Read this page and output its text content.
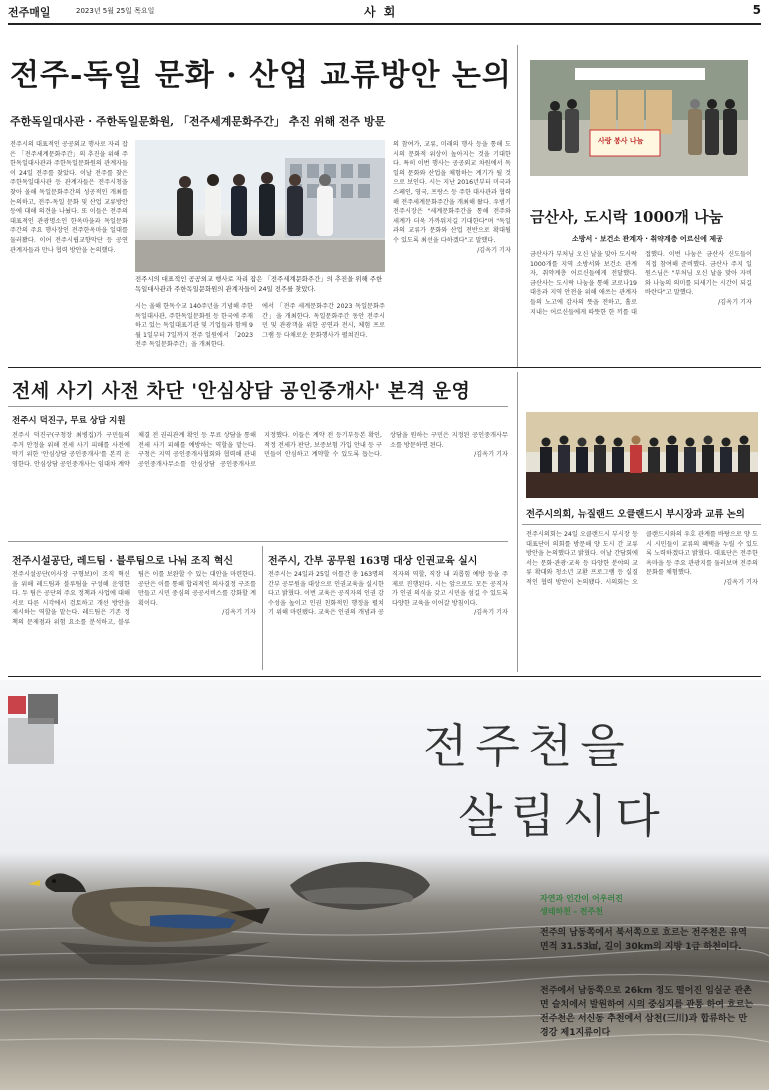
전주매일	2023년 5월 25일 목요일	사 회	5
전주-독일 문화 · 산업 교류방안 논의
주한독일대사관 · 주한독일문화원, 「전주세계문화주간」 추진 위해 전주 방문
전주시의 대표적인 공공외교 행사로 자리 잡은 「전주세계문화주간」의 추진을 위해 주한독일대사관과 주한독일문화원의 관계자들이 24일 전주를 찾았다. 이날 전주를 찾은 주한독일대사관 등 관계자들은 전주시청을 찾아 올해 독일문화주간의 성공적인 개최를 논의하고, 전주-독일 문화 및 산업 교류방안 등에 대해 의견을 나눴다. 또 이들은 전주의 대표적인 관광명소인 한옥마을과 독일문화주간의 주요 행사장인 전주한옥마을 일대를 둘러봤다. 이어 전주시립교향악단 등 공연 관계자들과 만나 협력 방안을 논의했다.
전주시의 대표적인 공공외교 행사로 자리 잡은 「전주세계문화주간」의 추진을 위해 주한독일대사관과 주한독일문화원의 관계자들이 24일 전주를 찾았다.
시는 올해 한독수교 140주년을 기념해 주한독일대사관, 주한독일문화원 등 한국에 주재하고 있는 독일대표기관 및 기업들과 함께 9월 1일부터 7일까지 전주 일원에서 「2023 전주 독일문화주간」을 개최한다.
에서 「전주 세계문화주간 2023 독일문화주간」을 개최한다. 독일문화주간 동안 전주시민 및 관광객을 위한 공연과 전시, 체험 프로그램 등 다채로운 문화행사가 펼쳐진다.
의 참여가, 교류, 미래의 행사 등을 통해 도시의 문화적 위상이 높아지는 것을 기대한다. 특히 이번 행사는 공공외교 차원에서 독일의 문화와 산업을 체험하는 계기가 될 것으로 보인다. 시는 지난 2016년부터 미국과 스페인, 영국, 프랑스 등 주한 대사관과 협력해 전주세계문화주간을 개최해 왔다. 우범기 전주시장은 "세계문화주간을 통해 전주와 세계가 더욱 가까워지길 기대한다"며 "독일과의 교류가 문화와 산업 전반으로 확대될 수 있도록 최선을 다하겠다"고 말했다.
/김옥기 기자
사랑 봉사 나눔
금산사, 도시락 1000개 나눔
소방서 · 보건소 관계자 · 취약계층 어르신에 제공
금산사가 부처님 오신 날을 맞아 도시락 1000개를 지역 소방서와 보건소 관계자, 취약계층 어르신들에게 전달했다. 금산사는 도시락 나눔을 통해 코로나19 대응과 지역 안전을 위해 애쓰는 관계자들의 노고에 감사의 뜻을 전하고, 홀로 지내는 어르신들에게 따뜻한 한 끼를 대접했다. 이번 나눔은 금산사 신도들이 직접 참여해 준비했다. 금산사 주지 일원스님은 "부처님 오신 날을 맞아 자비와 나눔의 의미를 되새기는 시간이 되길 바란다"고 말했다.
/김옥기 기자
전세 사기 사전 차단 '안심상담 공인중개사' 본격 운영
전주시 덕진구, 무료 상담 지원
전주시 덕진구(구청장 최병집)가 구민들의 주거 안정을 위해 전세 사기 피해를 사전에 막기 위한 '안심상담 공인중개사'를 본격 운영한다. 안심상담 공인중개사는 임대차 계약 체결 전 권리관계 확인 등 무료 상담을 통해 전세 사기 피해를 예방하는 역할을 맡는다. 구청은 지역 공인중개사협회와 협력해 관내 공인중개사무소를 안심상담 공인중개사로 지정했다. 이들은 계약 전 등기부등본 확인, 적정 전세가 판단, 보증보험 가입 안내 등 구민들이 안심하고 계약할 수 있도록 돕는다. 상담을 원하는 구민은 지정된 공인중개사무소를 방문하면 된다.
/김옥기 기자
전주시의회, 뉴질랜드 오클랜드시 부시장과 교류 논의
전주시의회는 24일 오클랜드시 부시장 등 대표단이 의회를 방문해 양 도시 간 교류 방안을 논의했다고 밝혔다. 이날 간담회에서는 문화·관광·교육 등 다양한 분야의 교류 확대와 청소년 교환 프로그램 등 실질적인 협력 방안이 논의됐다. 시의회는 오클랜드시와의 우호 관계를 바탕으로 양 도시 시민들이 교류의 혜택을 누릴 수 있도록 노력하겠다고 밝혔다. 대표단은 전주한옥마을 등 주요 관광지를 둘러보며 전주의 문화를 체험했다.
/김옥기 기자
전주시설공단, 레드팀 · 블루팀으로 나눠 조직 혁신
전주시설공단(이사장 구형보)이 조직 혁신을 위해 레드팀과 블루팀을 구성해 운영한다. 두 팀은 공단의 주요 정책과 사업에 대해 서로 다른 시각에서 검토하고 개선 방안을 제시하는 역할을 맡는다. 레드팀은 기존 정책의 문제점과 위험 요소를 분석하고, 블루팀은 이를 보완할 수 있는 대안을 마련한다. 공단은 이를 통해 합리적인 의사결정 구조를 만들고 시민 중심의 공공서비스를 강화할 계획이다.
/김옥기 기자
전주시, 간부 공무원 163명 대상 인권교육 실시
전주시는 24일과 25일 이틀간 총 163명의 간부 공무원을 대상으로 인권교육을 실시한다고 밝혔다. 이번 교육은 공직자의 인권 감수성을 높이고 인권 친화적인 행정을 펼치기 위해 마련됐다. 교육은 인권의 개념과 공직자의 역할, 직장 내 괴롭힘 예방 등을 주제로 진행된다. 시는 앞으로도 모든 공직자가 인권 의식을 갖고 시민을 섬길 수 있도록 다양한 교육을 이어갈 방침이다.
/김옥기 기자
전주천을
살립시다
자연과 인간이 어우러진
생태하천 - 전주천
전주의 남동쪽에서 북서쪽으로 흐르는 전주천은 유역면적 31.53㎢, 길이 30km의 지방 1급 하천이다.
전주에서 남동쪽으로 26km 정도 떨어진 임실군 관촌면 슬치에서 발원하여 시의 중심지를 관통 하여 흐르는 전주천은 서신동 추천에서 삼천(三川)과 합류하는 만경강 제1지류이다
